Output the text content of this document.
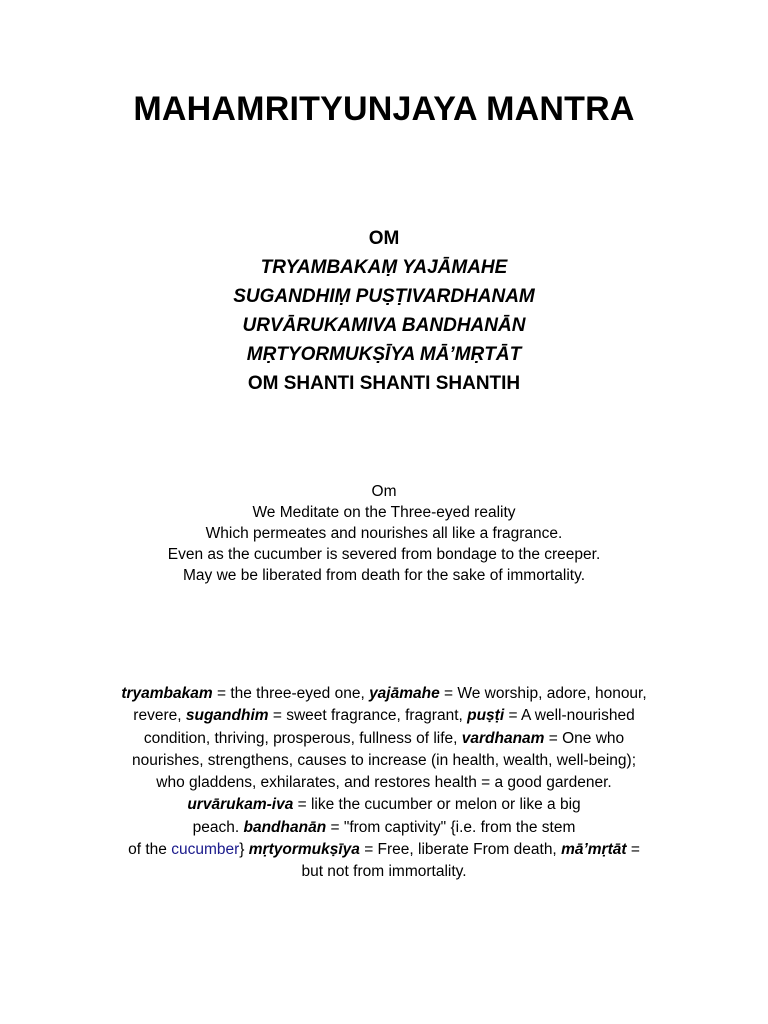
MAHAMRITYUNJAYA MANTRA
OM
TRYAMBAKAṂ YAJĀMAHE
SUGANDHIṂ PUṢṬIVARDHANAM
URVĀRUKAMIVA BANDHANĀN
MṚTYORMUKṢĪYA MĀ’MṚTĀT
OM SHANTI SHANTI SHANTIH
Om
We Meditate on the Three-eyed reality
Which permeates and nourishes all like a fragrance.
Even as the cucumber is severed from bondage to the creeper.
May we be liberated from death for the sake of immortality.
tryambakam = the three-eyed one, yajāmahe = We worship, adore, honour,
revere, sugandhim = sweet fragrance, fragrant, puṣṭi = A well-nourished
condition, thriving, prosperous, fullness of life, vardhanam = One who
nourishes, strengthens, causes to increase (in health, wealth, well-being);
who gladdens, exhilarates, and restores health = a good gardener.
urvārukam-iva = like the cucumber or melon or like a big
peach. bandhanān = "from captivity" {i.e. from the stem
of the cucumber} mṛtyormukṣīya = Free, liberate From death, mā’mṛtāt =
but not from immortality.
